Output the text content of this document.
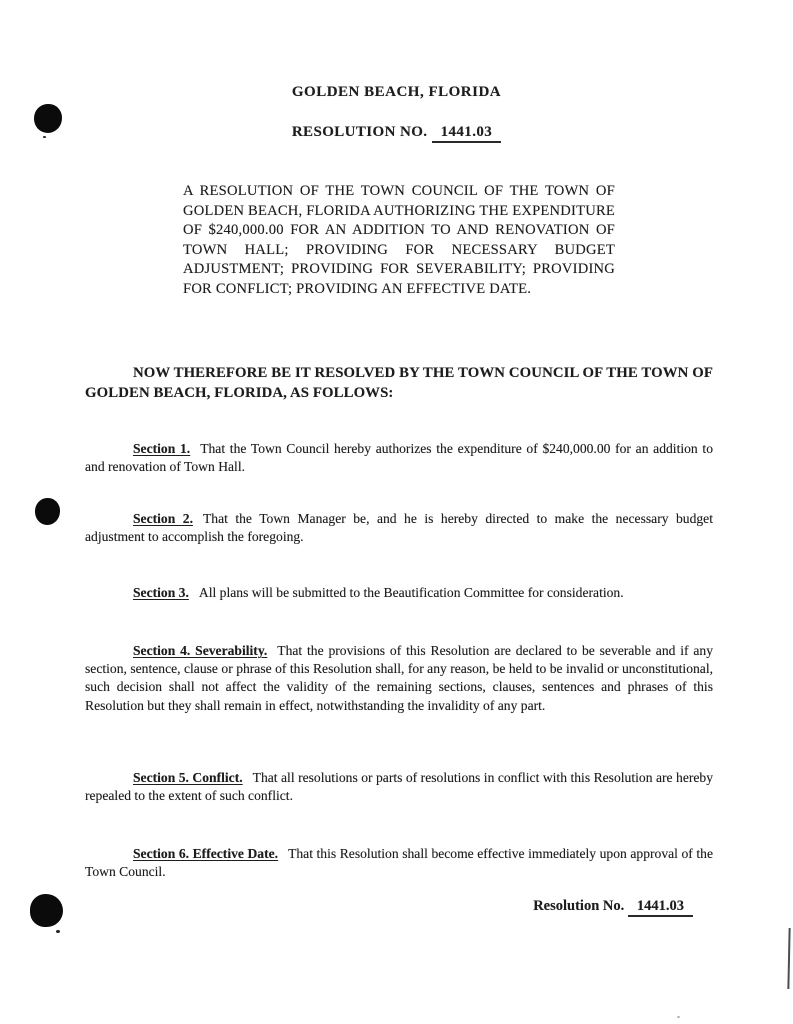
GOLDEN BEACH, FLORIDA
RESOLUTION NO. 1441.03
A RESOLUTION OF THE TOWN COUNCIL OF THE TOWN OF GOLDEN BEACH, FLORIDA AUTHORIZING THE EXPENDITURE OF $240,000.00 FOR AN ADDITION TO AND RENOVATION OF TOWN HALL; PROVIDING FOR NECESSARY BUDGET ADJUSTMENT; PROVIDING FOR SEVERABILITY; PROVIDING FOR CONFLICT; PROVIDING AN EFFECTIVE DATE.
NOW THEREFORE BE IT RESOLVED BY THE TOWN COUNCIL OF THE TOWN OF GOLDEN BEACH, FLORIDA, AS FOLLOWS:
Section 1. That the Town Council hereby authorizes the expenditure of $240,000.00 for an addition to and renovation of Town Hall.
Section 2. That the Town Manager be, and he is hereby directed to make the necessary budget adjustment to accomplish the foregoing.
Section 3. All plans will be submitted to the Beautification Committee for consideration.
Section 4. Severability. That the provisions of this Resolution are declared to be severable and if any section, sentence, clause or phrase of this Resolution shall, for any reason, be held to be invalid or unconstitutional, such decision shall not affect the validity of the remaining sections, clauses, sentences and phrases of this Resolution but they shall remain in effect, notwithstanding the invalidity of any part.
Section 5. Conflict. That all resolutions or parts of resolutions in conflict with this Resolution are hereby repealed to the extent of such conflict.
Section 6. Effective Date. That this Resolution shall become effective immediately upon approval of the Town Council.
Resolution No. 1441.03
